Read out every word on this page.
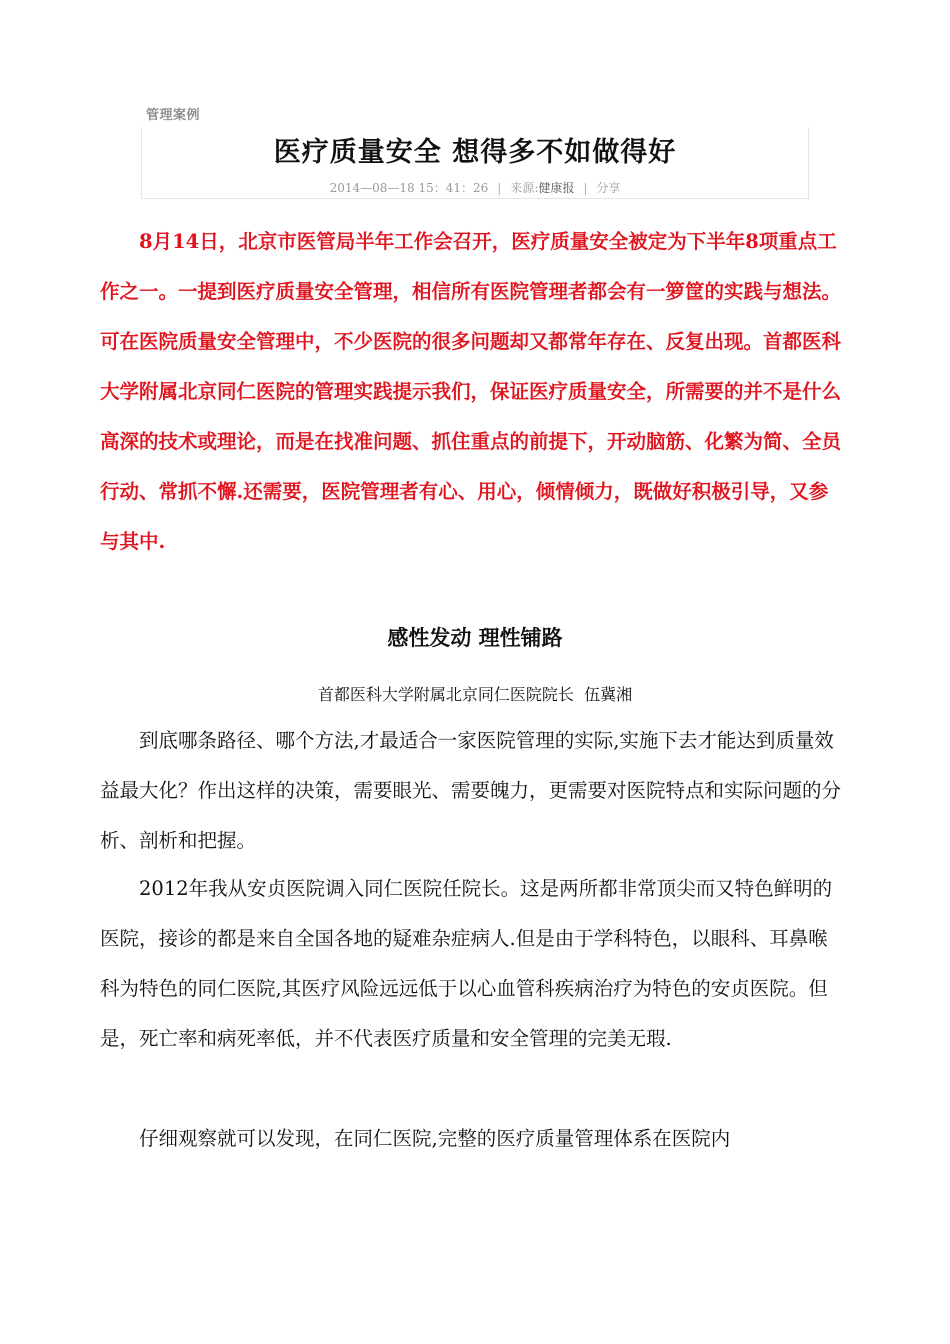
管理案例
医疗质量安全 想得多不如做得好
2014—08—18 15：41：26 | 来源:健康报 | 分享

8月14日，北京市医管局半年工作会召开，医疗质量安全被定为下半年8项重点工作之一。一提到医疗质量安全管理，相信所有医院管理者都会有一箩筐的实践与想法。可在医院质量安全管理中，不少医院的很多问题却又都常年存在、反复出现。首都医科大学附属北京同仁医院的管理实践提示我们，保证医疗质量安全，所需要的并不是什么高深的技术或理论，而是在找准问题、抓住重点的前提下，开动脑筋、化繁为简、全员行动、常抓不懈.还需要，医院管理者有心、用心，倾情倾力，既做好积极引导，又参与其中.

感性发动 理性铺路
首都医科大学附属北京同仁医院院长  伍冀湘

到底哪条路径、哪个方法,才最适合一家医院管理的实际,实施下去才能达到质量效益最大化？作出这样的决策，需要眼光、需要魄力，更需要对医院特点和实际问题的分析、剖析和把握。

2012年我从安贞医院调入同仁医院任院长。这是两所都非常顶尖而又特色鲜明的医院，接诊的都是来自全国各地的疑难杂症病人.但是由于学科特色，以眼科、耳鼻喉科为特色的同仁医院,其医疗风险远远低于以心血管科疾病治疗为特色的安贞医院。但是，死亡率和病死率低，并不代表医疗质量和安全管理的完美无瑕.

仔细观察就可以发现，在同仁医院,完整的医疗质量管理体系在医院内
